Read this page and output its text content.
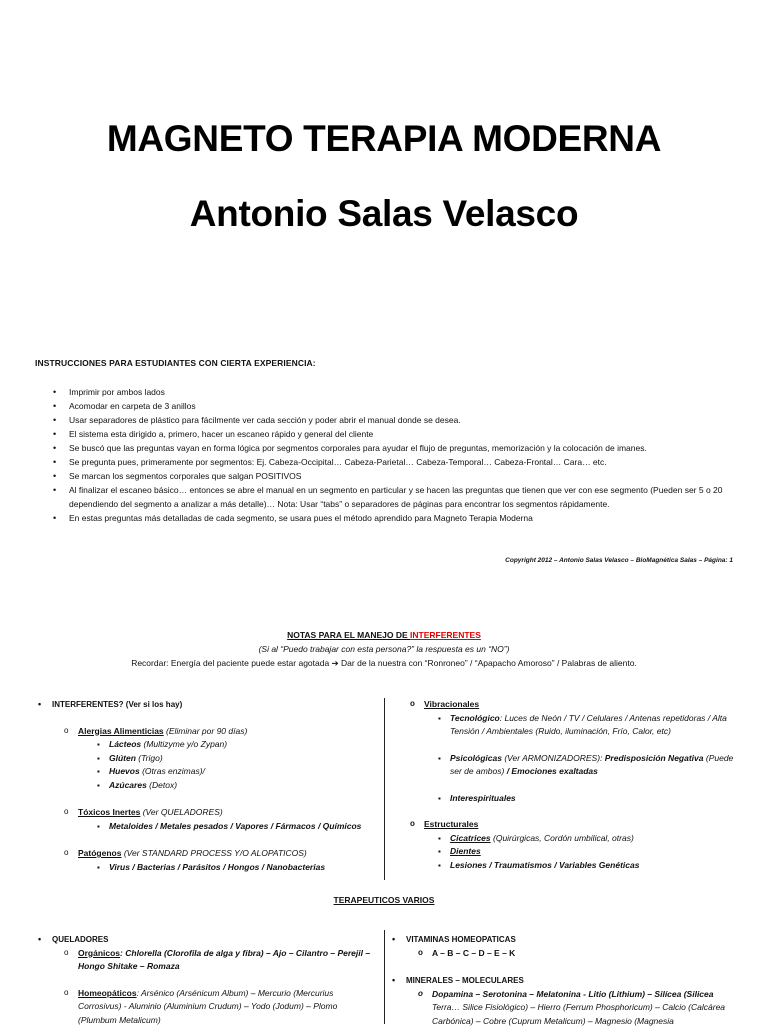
MAGNETO TERAPIA MODERNA
Antonio Salas Velasco
INSTRUCCIONES PARA ESTUDIANTES CON CIERTA EXPERIENCIA:
• Imprimir por ambos lados
• Acomodar en carpeta de 3 anillos
• Usar separadores de plástico para fácilmente ver cada sección y poder abrir el manual donde se desea.
• El sistema esta dirigido a, primero, hacer un escaneo rápido y general del cliente
• Se buscó que las preguntas vayan en forma lógica por segmentos corporales para ayudar el flujo de preguntas, memorización y la colocación de imanes.
• Se pregunta pues, primeramente por segmentos: Ej. Cabeza-Occipital… Cabeza-Parietal… Cabeza-Temporal… Cabeza-Frontal… Cara… etc.
• Se marcan los segmentos corporales que salgan POSITIVOS
• Al finalizar el escaneo básico… entonces se abre el manual en un segmento en particular y se hacen las preguntas que tienen que ver con ese segmento (Pueden ser 5 o 20 dependiendo del segmento a analizar a más detalle)… Nota: Usar “tabs” o separadores de páginas para encontrar los segmentos rápidamente.
• En estas preguntas más detalladas de cada segmento, se usara pues el método aprendido para Magneto Terapia Moderna
Copyright 2012 – Antonio Salas Velasco – BioMagnética Salas – Página: 1
NOTAS PARA EL MANEJO DE INTERFERENTES
(Si al “Puedo trabajar con esta persona?” la respuesta es un “NO”)
Recordar: Energía del paciente puede estar agotada ➔ Dar de la nuestra con “Ronroneo” / “Apapacho Amoroso” / Palabras de aliento.
• INTERFERENTES? (Ver si los hay)
o Alergias Alimenticias (Eliminar por 90 días)
▪ Lácteos (Multizyme y/o Zypan)
▪ Glúten (Trigo)
▪ Huevos (Otras enzimas)/
▪ Azúcares (Detox)
o Tóxicos Inertes (Ver QUELADORES)
▪ Metaloides / Metales pesados / Vapores / Fármacos / Químicos
o Patógenos (Ver STANDARD PROCESS Y/O ALOPATICOS)
▪ Virus / Bacterias / Parásitos / Hongos / Nanobacterias
o Vibracionales
▪ Tecnológico: Luces de Neón / TV / Celulares / Antenas repetidoras / Alta
Tensión / Ambientales (Ruido, iluminación, Frío, Calor, etc)
▪ Psicológicas (Ver ARMONIZADORES): Predisposición Negativa (Puede
ser de ambos) / Emociones exaltadas
▪ Interespirituales
o Estructurales
▪ Cicatrices (Quirúrgicas, Cordón umbilical, otras)
▪ Dientes
▪ Lesiones / Traumatismos / Variables Genéticas
TERAPEUTICOS VARIOS
• QUELADORES
o Orgánicos: Chlorella (Clorofila de alga y fibra) – Ajo – Cilantro – Perejil –
Hongo Shitake – Romaza
o Homeopáticos: Arsénico (Arsénicum Album) – Mercurio (Mercurius
Corrosivus) - Aluminio (Aluminium Crudum) – Yodo (Jodum) – Plomo
(Plumbum Metalicum)
• VITAMINAS HOMEOPATICAS
o A – B – C – D – E – K
• MINERALES – MOLECULARES
o Dopamina – Serotonina – Melatonina - Litio (Lithium) – Silícea (Silicea
Terra… Silice Fisiológico) – Hierro (Ferrum Phosphoricum) – Calcio (Calcárea
Carbónica) – Cobre (Cuprum Metalicum) – Magnesio (Magnesia
